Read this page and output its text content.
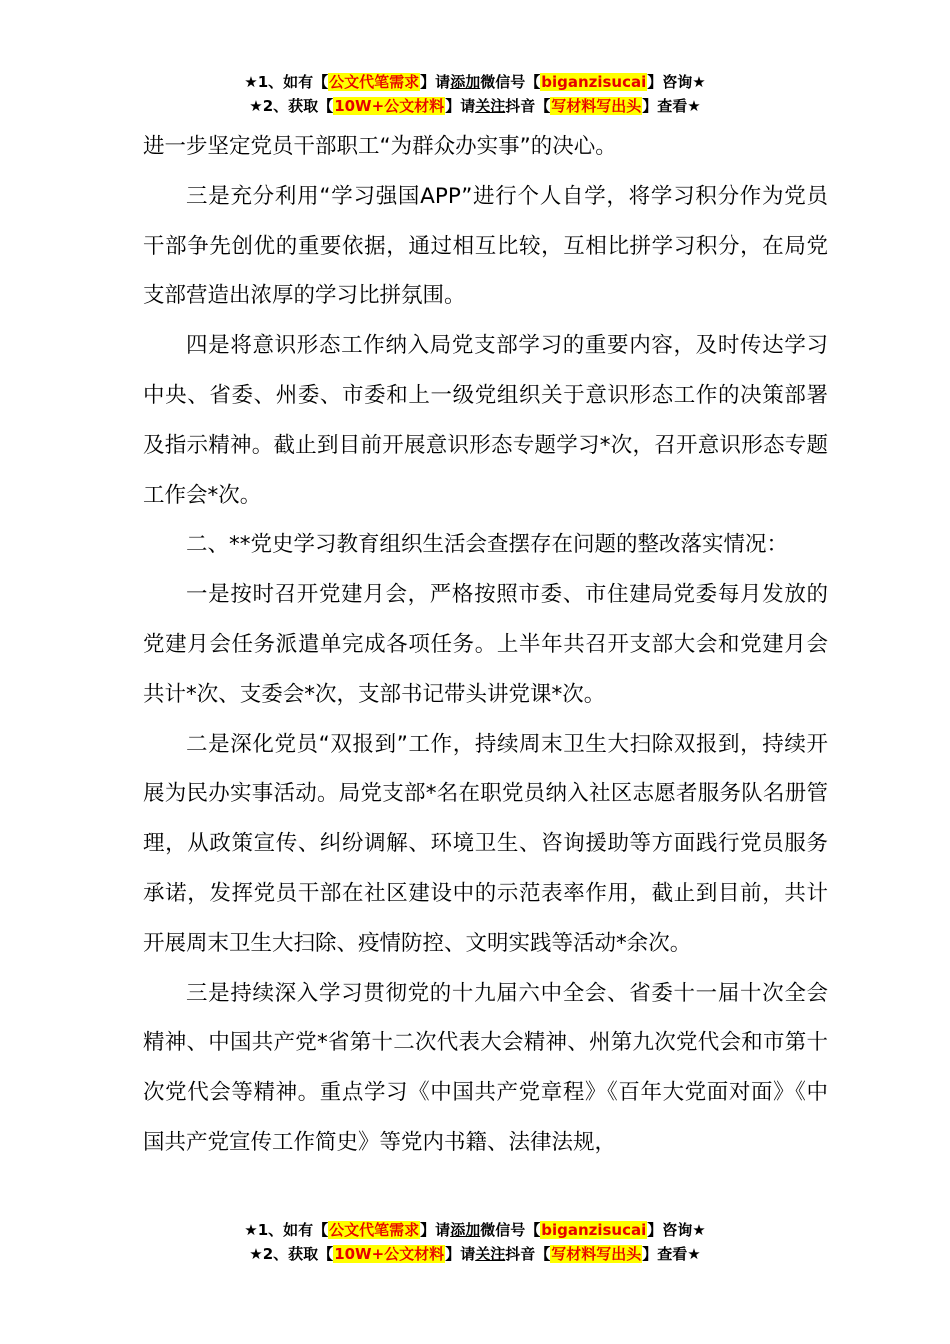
★1、如有【公文代笔需求】请添加微信号【biganzisucai】咨询★
★2、获取【10W+公文材料】请关注抖音【写材料写出头】查看★

进一步坚定党员干部职工“为群众办实事”的决心。

三是充分利用“学习强国APP”进行个人自学，将学习积分作为党员干部争先创优的重要依据，通过相互比较，互相比拼学习积分，在局党支部营造出浓厚的学习比拼氛围。

四是将意识形态工作纳入局党支部学习的重要内容，及时传达学习中央、省委、州委、市委和上一级党组织关于意识形态工作的决策部署及指示精神。截止到目前开展意识形态专题学习*次，召开意识形态专题工作会*次。

二、**党史学习教育组织生活会查摆存在问题的整改落实情况：

一是按时召开党建月会，严格按照市委、市住建局党委每月发放的党建月会任务派遣单完成各项任务。上半年共召开支部大会和党建月会共计*次、支委会*次，支部书记带头讲党课*次。

二是深化党员“双报到”工作，持续周末卫生大扫除双报到，持续开展为民办实事活动。局党支部*名在职党员纳入社区志愿者服务队名册管理，从政策宣传、纠纷调解、环境卫生、咨询援助等方面践行党员服务承诺，发挥党员干部在社区建设中的示范表率作用，截止到目前，共计开展周末卫生大扫除、疫情防控、文明实践等活动*余次。

三是持续深入学习贯彻党的十九届六中全会、省委十一届十次全会精神、中国共产党*省第十二次代表大会精神、州第九次党代会和市第十次党代会等精神。重点学习《中国共产党章程》《百年大党面对面》《中国共产党宣传工作简史》等党内书籍、法律法规，

★1、如有【公文代笔需求】请添加微信号【biganzisucai】咨询★
★2、获取【10W+公文材料】请关注抖音【写材料写出头】查看★
